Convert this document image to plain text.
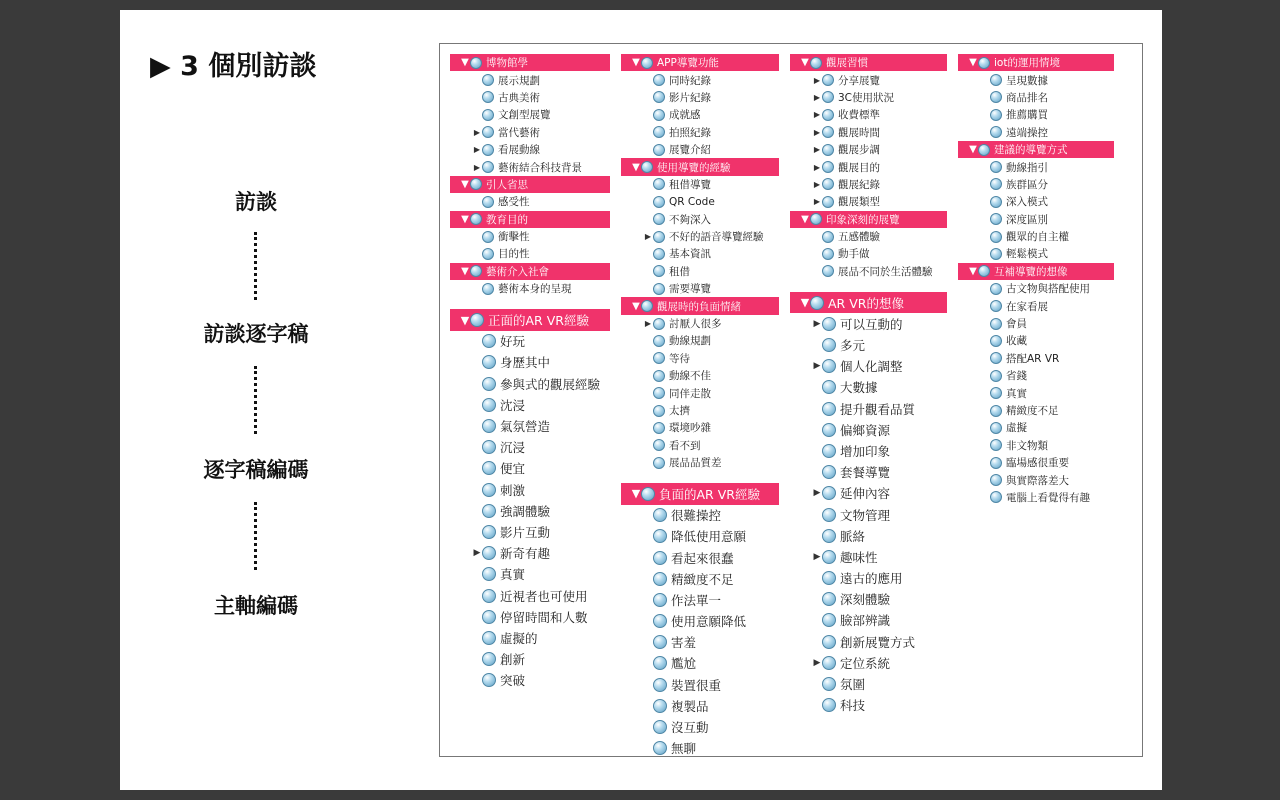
▶ 3 個別訪談
訪談
訪談逐字稿
逐字稿編碼
主軸編碼
▼ 博物館學
展示規劃
古典美術
文創型展覽
▶ 當代藝術
▶ 看展動線
▶ 藝術結合科技背景
▼ 引人省思
感受性
▼ 教育目的
衝擊性
目的性
▼ 藝術介入社會
藝術本身的呈現
▼ 正面的AR VR經驗
好玩
身歷其中
參與式的觀展經驗
沈浸
氣氛營造
沉浸
便宜
刺激
強調體驗
影片互動
▶ 新奇有趣
真實
近視者也可使用
停留時間和人數
虛擬的
創新
突破
▼ APP導覽功能
同時紀錄
影片紀錄
成就感
拍照紀錄
展覽介紹
▼ 使用導覽的經驗
租借導覽
QR Code
不夠深入
▶ 不好的語音導覽經驗
基本資訊
租借
需要導覽
▼ 觀展時的負面情緒
▶ 討厭人很多
動線規劃
等待
動線不佳
同伴走散
太擠
環境吵雜
看不到
展品品質差
▼ 負面的AR VR經驗
很難操控
降低使用意願
看起來很蠢
精緻度不足
作法單一
使用意願降低
害羞
尷尬
裝置很重
複製品
沒互動
無聊
▼ 觀展習慣
▶ 分享展覽
▶ 3C使用狀況
▶ 收費標準
▶ 觀展時間
▶ 觀展步調
▶ 觀展目的
▶ 觀展紀錄
▶ 觀展類型
▼ 印象深刻的展覽
五感體驗
動手做
展品不同於生活體驗
▼ AR VR的想像
▶ 可以互動的
多元
▶ 個人化調整
大數據
提升觀看品質
偏鄉資源
增加印象
套餐導覽
▶ 延伸內容
文物管理
脈絡
▶ 趣味性
遠古的應用
深刻體驗
臉部辨識
創新展覽方式
▶ 定位系統
氛圍
科技
▼ iot的運用情境
呈現數據
商品排名
推薦購買
遠端操控
▼ 建議的導覽方式
動線指引
族群區分
深入模式
深度區別
觀眾的自主權
輕鬆模式
▼ 互補導覽的想像
古文物與搭配使用
在家看展
會員
收藏
搭配AR VR
省錢
真實
精緻度不足
虛擬
非文物類
臨場感很重要
與實際落差大
電腦上看覺得有趣
